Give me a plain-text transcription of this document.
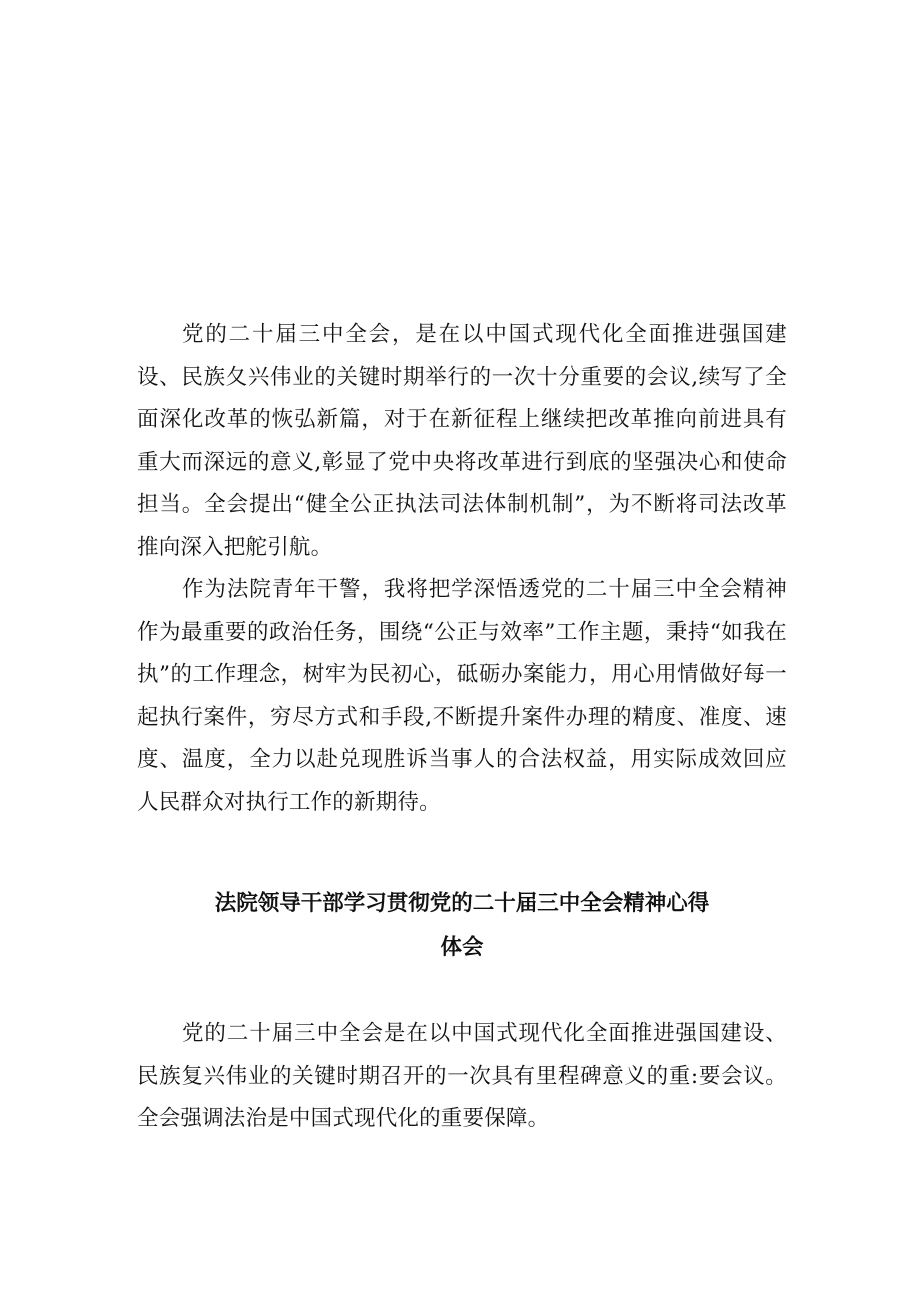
党的二十届三中全会，是在以中国式现代化全面推进强国建设、民族夂兴伟业的关键时期举行的一次十分重要的会议,续写了全面深化改革的恢弘新篇，对于在新征程上继续把改革推向前进具有重大而深远的意义,彰显了党中央将改革进行到底的坚强决心和使命担当。全会提出“健全公正执法司法体制机制”，为不断将司法改革推向深入把舵引航。

作为法院青年干警，我将把学深悟透党的二十届三中全会精神作为最重要的政治任务，围绕“公正与效率”工作主题，秉持“如我在执”的工作理念，树牢为民初心，砥砺办案能力，用心用情做好每一起执行案件，穷尽方式和手段,不断提升案件办理的精度、准度、速度、温度，全力以赴兑现胜诉当事人的合法权益，用实际成效回应人民群众对执行工作的新期待。

法院领导干部学习贯彻党的二十届三中全会精神心得
体会

党的二十届三中全会是在以中国式现代化全面推进强国建设、民族复兴伟业的关键时期召开的一次具有里程碑意义的重:要会议。全会强调法治是中国式现代化的重要保障。
